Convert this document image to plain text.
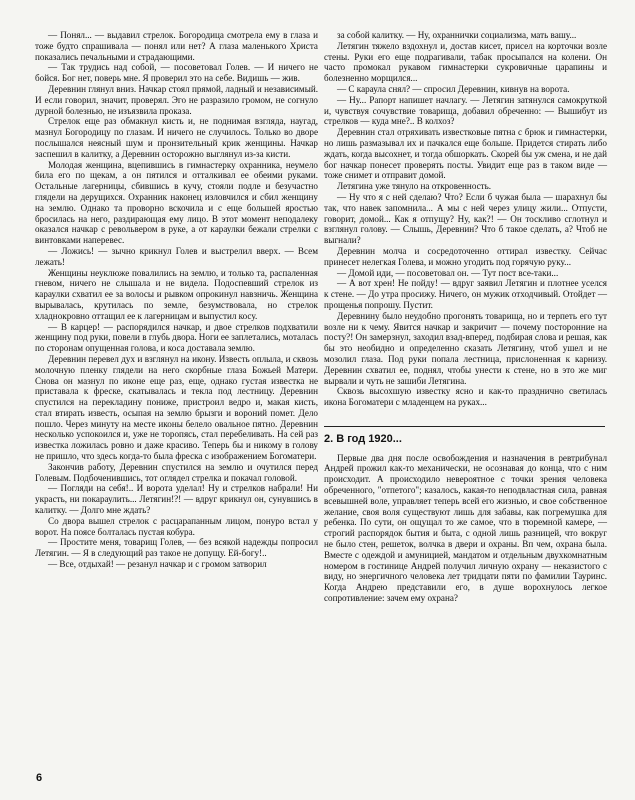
— Понял... — выдавил стрелок. Богородица смотрела ему в глаза и тоже будто спрашивала — понял или нет? А глаза маленького Христа показались печальными и страдающими.

— Так трудись над собой, — посоветовал Голев. — И ничего не бойся. Бог нет, поверь мне. Я проверил это на себе. Видишь — жив.

Деревнин глянул вниз. Начкар стоял прямой, ладный и независимый. И если говорил, значит, проверял. Эго не разразило громом, не согнуло дурной болезнью, не изъязвила проказа.

Стрелок еще раз обмакнул кисть и, не поднимая взгляда, наугад, мазнул Богородицу по глазам. И ничего не случилось. Только во дворе послышался неясный шум и пронзительный крик женщины. Начкар заспешил в калитку, а Деревнин осторожно выглянул из-за кисти.

Молодая женщина, вцепившись в гимнастерку охранника, неумело била его по щекам, а он пятился и отталкивал ее обеими руками. Остальные лагерницы, сбившись в кучу, стояли подле и безучастно глядели на дерущихся. Охранник наконец изловчился и сбил женщину на землю. Однако та проворно вскочила и с еще большей яростью бросилась на него, раздирающая ему лицо. В этот момент неподалеку оказался начкар с револьвером в руке, а от караулки бежали стрелки с винтовками наперевес.

— Ложись! — зычно крикнул Голев и выстрелил вверх. — Всем лежать!

Женщины неуклюже повалились на землю, и только та, распаленная гневом, ничего не слышала и не видела. Подоспевший стрелок из караулки схватил ее за волосы и рывком опрокинул навзничь. Женщина вырывалась, крутилась по земле, безумствовала, но стрелок хладнокровно оттащил ее к лагерницам и выпустил косу.

— В карцер! — распорядился начкар, и двое стрелков подхватили женщину под руки, повели в глубь двора. Ноги ее заплетались, моталась по сторонам опущенная голова, и коса доставала землю.

Деревнин перевел дух и взглянул на икону. Известь оплыла, и сквозь молочную пленку глядели на него скорбные глаза Божьей Матери. Снова он мазнул по иконе еще раз, еще, однако густая известка не приставала к фреске, скатывалась и текла под лестницу. Деревнин спустился на перекладину пониже, пристроил ведро и, макая кисть, стал втирать известь, осыпая на землю брызги и вороний помет. Дело пошло. Через минуту на месте иконы белело овальное пятно. Деревнин несколько успокоился и, уже не торопясь, стал перебеливать. На сей раз известка ложилась ровно и даже красиво. Теперь бы и никому в голову не пришло, что здесь когда-то была фреска с изображением Богоматери.

Закончив работу, Деревнин спустился на землю и очутился перед Голевым. Подбоченившись, тот оглядел стрелка и покачал головой.

— Погляди на себя!.. И ворота уделал! Ну и стрелков набрали! Ни украсть, ни покараулить... Летягин!?! — вдруг крикнул он, сунувшись в калитку. — Долго мне ждать?

Со двора вышел стрелок с расцарапанным лицом, понуро встал у ворот. На поясе болталась пустая кобура.

— Простите меня, товарищ Голев, — без всякой надежды попросил Летягин. — Я в следующий раз такое не допущу. Ей-богу!..

— Все, отдыхай! — резанул начкар и с громом затворил

за собой калитку. — Ну, охраннички социализма, мать вашу...

Летягин тяжело вздохнул и, достав кисет, присел на корточки возле стены. Руки его еще подрагивали, табак просыпался на колени. Он часто промокал рукавом гимнастерки сукровичные царапины и болезненно морщился...

— С караула снял? — спросил Деревнин, кивнув на ворота.

— Ну... Рапорт напишет начлагу. — Летягин затянулся самокруткой и, чувствуя сочувствие товарища, добавил обреченно: — Вышибут из стрелков — куда мне?.. В колхоз?

Деревнин стал отряхивать известковые пятна с брюк и гимнастерки, но лишь размазывал их и пачкался еще больше. Придется стирать либо ждать, когда высохнет, и тогда обшоркать. Скорей бы уж смена, и не дай бог начкар понесет проверять посты. Увидит еще раз в таком виде — тоже снимет и отправит домой.

Летягина уже тянуло на откровенность.

— Ну что я с ней сделаю? Что? Если б чужая была — шарахнул бы так, что навек запомнила... А мы с ней через улицу жили... Отпусти, говорит, домой... Как я отпущу? Ну, как?! — Он тоскливо сглотнул и взглянул голову. — Слышь, Деревнин? Что б такое сделать, а? Чтоб не выгнали?

Деревнин молча и сосредоточенно оттирал известку. Сейчас принесет нелегкая Голева, и можно угодить под горячую руку...

— Домой иди, — посоветовал он. — Тут пост все-таки...

— А вот хрен! Не пойду! — вдруг заявил Летягин и плотнее уселся к стене. — До утра просижу. Ничего, он мужик отходчивый. Отойдет — прощенья попрошу. Пустит.

Деревнину было неудобно прогонять товарища, но и терпеть его тут возле ни к чему. Явится начкар и закричит — почему посторонние на посту?! Он замерзнул, заходил взад-вперед, подбирая слова и решая, как бы это необидно и определенно сказать Летягину, чтоб ушел и не мозолил глаза. Под руки попала лестница, прислоненная к карнизу. Деревнин схватил ее, поднял, чтобы унести к стене, но в это же миг вырвали и чуть не зашиби Летягина.

Сквозь высохшую известку ясно и как-то празднично светилась икона Богоматери с младенцем на руках...

2. В год 1920...

Первые два дня после освобождения и назначения в ревтрибунал Андрей прожил как-то механически, не осознавая до конца, что с ним происходит. А происходило невероятное с точки зрения человека обреченного, "отпетого"; казалось, какая-то неподвластная сила, равная всевышней воле, управляет теперь всей его жизнью, и свое собственное желание, своя воля существуют лишь для забавы, как погремушка для ребенка. По сути, он ощущал то же самое, что в тюремной камере, — строгий распорядок бытия и быта, с одной лишь разницей, что вокруг не было стен, решеток, волчка в двери и охраны. Вп чем, охрана была. Вместе с одеждой и амуницией, мандатом и отдельным двухкомнатным номером в гостинице Андрей получил личную охрану — неказистого с виду, но энергичного человека лет тридцати пяти по фамилии Тауринс. Когда Андрею представили его, в душе ворохнулось легкое сопротивление: зачем ему охрана?

6
